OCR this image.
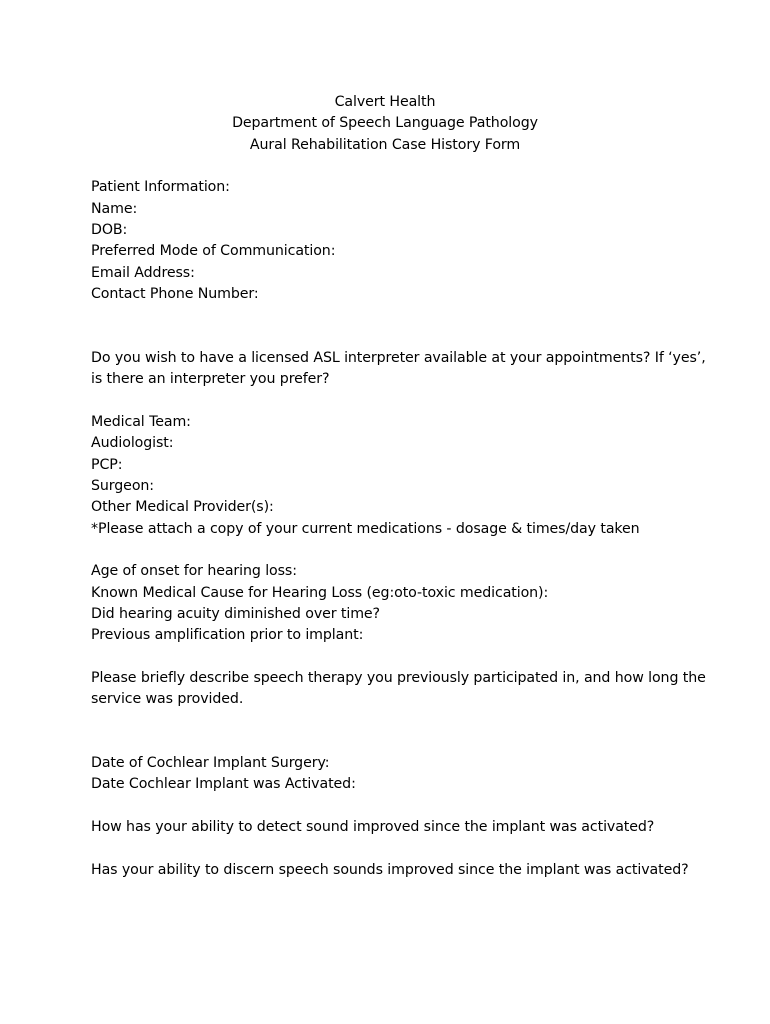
Calvert Health
Department of Speech Language Pathology
Aural Rehabilitation Case History Form
Patient Information:
Name:
DOB:
Preferred Mode of Communication:
Email Address:
Contact Phone Number:
Do you wish to have a licensed ASL interpreter available at your appointments? If ‘yes’,
is there an interpreter you prefer?
Medical Team:
Audiologist:
PCP:
Surgeon:
Other Medical Provider(s):
*Please attach a copy of your current medications - dosage & times/day taken
Age of onset for hearing loss:
Known Medical Cause for Hearing Loss (eg:oto-toxic medication):
Did hearing acuity diminished over time?
Previous amplification prior to implant:
Please briefly describe speech therapy you previously participated in, and how long the
service was provided.
Date of Cochlear Implant Surgery:
Date Cochlear Implant was Activated:
How has your ability to detect sound improved since the implant was activated?
Has your ability to discern speech sounds improved since the implant was activated?
